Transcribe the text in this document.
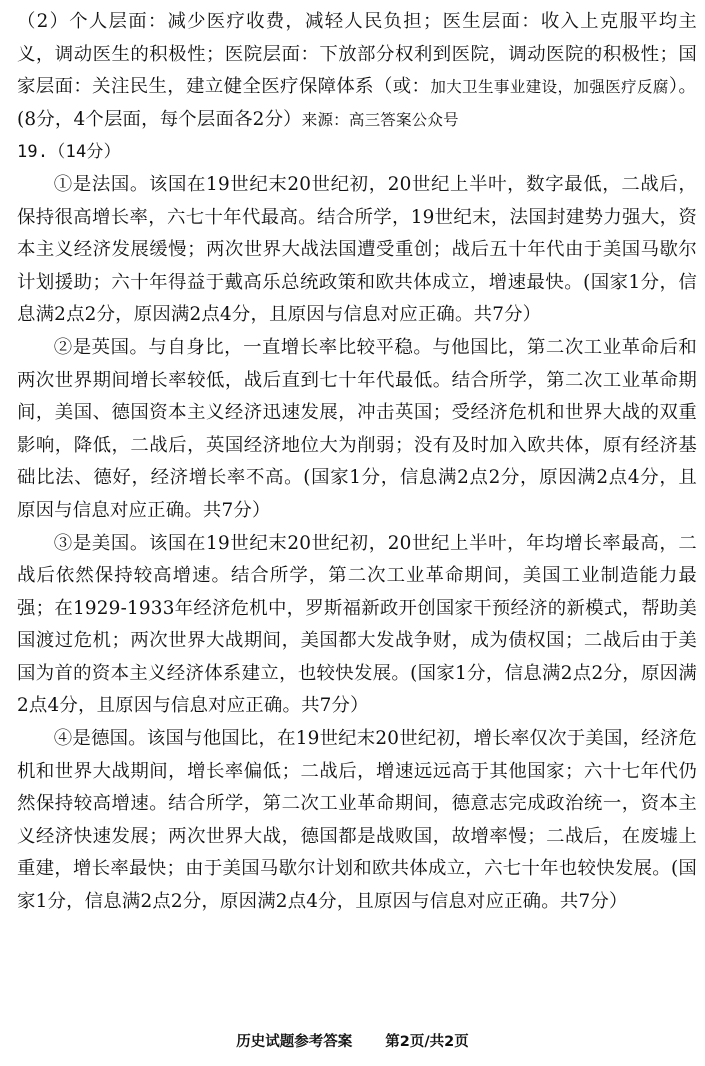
（2）个人层面：减少医疗收费，减轻人民负担；医生层面：收入上克服平均主义，调动医生的积极性；医院层面：下放部分权利到医院，调动医院的积极性；国家层面：关注民生，建立健全医疗保障体系（或：加大卫生事业建设，加强医疗反腐）。(8分，4个层面，每个层面各2分）来源：高三答案公众号

19.（14分）

①是法国。该国在19世纪末20世纪初，20世纪上半叶，数字最低，二战后，保持很高增长率，六七十年代最高。结合所学，19世纪末，法国封建势力强大，资本主义经济发展缓慢；两次世界大战法国遭受重创；战后五十年代由于美国马歇尔计划援助；六十年得益于戴高乐总统政策和欧共体成立，增速最快。(国家1分，信息满2点2分，原因满2点4分，且原因与信息对应正确。共7分）

②是英国。与自身比，一直增长率比较平稳。与他国比，第二次工业革命后和两次世界期间增长率较低，战后直到七十年代最低。结合所学，第二次工业革命期间，美国、德国资本主义经济迅速发展，冲击英国；受经济危机和世界大战的双重影响，降低，二战后，英国经济地位大为削弱；没有及时加入欧共体，原有经济基础比法、德好，经济增长率不高。(国家1分，信息满2点2分，原因满2点4分，且原因与信息对应正确。共7分）

③是美国。该国在19世纪末20世纪初，20世纪上半叶，年均增长率最高，二战后依然保持较高增速。结合所学，第二次工业革命期间，美国工业制造能力最强；在1929-1933年经济危机中，罗斯福新政开创国家干预经济的新模式，帮助美国渡过危机；两次世界大战期间，美国都大发战争财，成为债权国；二战后由于美国为首的资本主义经济体系建立，也较快发展。(国家1分，信息满2点2分，原因满2点4分，且原因与信息对应正确。共7分）

④是德国。该国与他国比，在19世纪末20世纪初，增长率仅次于美国，经济危机和世界大战期间，增长率偏低；二战后，增速远远高于其他国家；六十七年代仍然保持较高增速。结合所学，第二次工业革命期间，德意志完成政治统一，资本主义经济快速发展；两次世界大战，德国都是战败国，故增率慢；二战后，在废墟上重建，增长率最快；由于美国马歇尔计划和欧共体成立，六七十年也较快发展。(国家1分，信息满2点2分，原因满2点4分，且原因与信息对应正确。共7分）

历史试题参考答案 第2页/共2页
